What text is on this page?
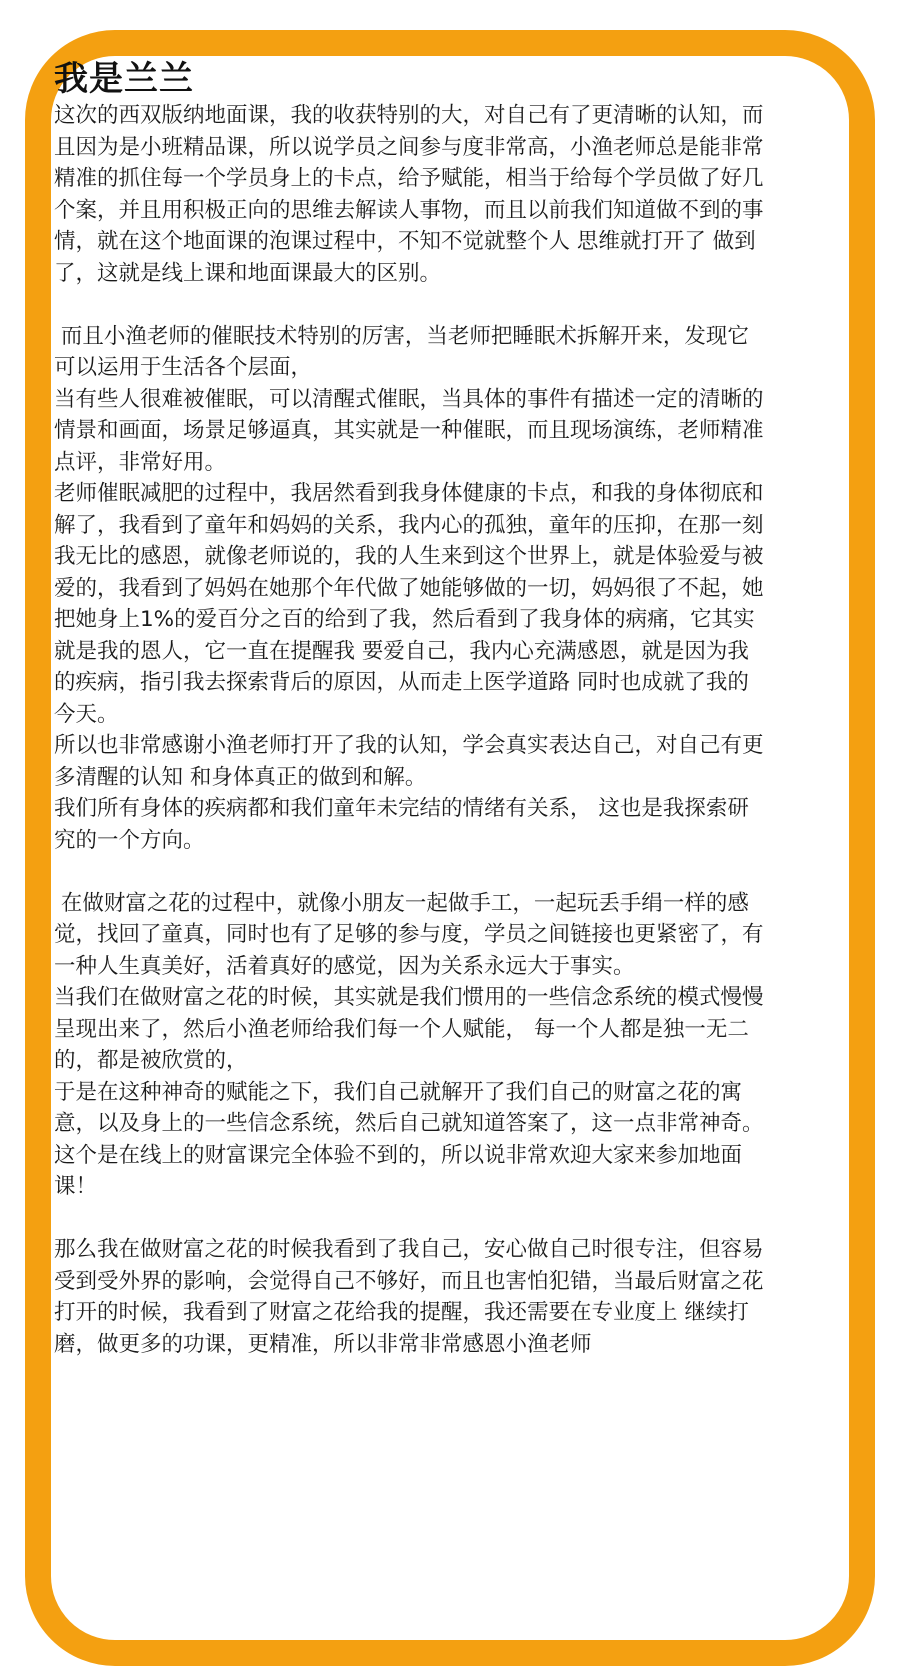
我是兰兰

这次的西双版纳地面课，我的收获特别的大，对自己有了更清晰的认知，而且因为是小班精品课，所以说学员之间参与度非常高，小渔老师总是能非常精准的抓住每一个学员身上的卡点，给予赋能，相当于给每个学员做了好几个案，并且用积极正向的思维去解读人事物，而且以前我们知道做不到的事情，就在这个地面课的泡课过程中，不知不觉就整个人 思维就打开了 做到了，这就是线上课和地面课最大的区别。

而且小渔老师的催眠技术特别的厉害，当老师把睡眠术拆解开来，发现它可以运用于生活各个层面，

当有些人很难被催眠，可以清醒式催眠，当具体的事件有描述一定的清晰的情景和画面，场景足够逼真，其实就是一种催眠，而且现场演练，老师精准点评，非常好用。

老师催眠减肥的过程中，我居然看到我身体健康的卡点，和我的身体彻底和解了，我看到了童年和妈妈的关系，我内心的孤独，童年的压抑，在那一刻我无比的感恩，就像老师说的，我的人生来到这个世界上，就是体验爱与被爱的，我看到了妈妈在她那个年代做了她能够做的一切，妈妈很了不起，她把她身上1%的爱百分之百的给到了我，然后看到了我身体的病痛，它其实就是我的恩人，它一直在提醒我 要爱自己，我内心充满感恩，就是因为我的疾病，指引我去探索背后的原因，从而走上医学道路 同时也成就了我的今天。

所以也非常感谢小渔老师打开了我的认知，学会真实表达自己，对自己有更多清醒的认知 和身体真正的做到和解。

我们所有身体的疾病都和我们童年未完结的情绪有关系， 这也是我探索研究的一个方向。

在做财富之花的过程中，就像小朋友一起做手工，一起玩丢手绢一样的感觉，找回了童真，同时也有了足够的参与度，学员之间链接也更紧密了，有一种人生真美好，活着真好的感觉，因为关系永远大于事实。

当我们在做财富之花的时候，其实就是我们惯用的一些信念系统的模式慢慢呈现出来了，然后小渔老师给我们每一个人赋能， 每一个人都是独一无二的，都是被欣赏的，

于是在这种神奇的赋能之下，我们自己就解开了我们自己的财富之花的寓意，以及身上的一些信念系统，然后自己就知道答案了，这一点非常神奇。

这个是在线上的财富课完全体验不到的，所以说非常欢迎大家来参加地面课！

那么我在做财富之花的时候我看到了我自己，安心做自己时很专注，但容易受到受外界的影响，会觉得自己不够好，而且也害怕犯错，当最后财富之花打开的时候，我看到了财富之花给我的提醒，我还需要在专业度上 继续打磨，做更多的功课，更精准，所以非常非常感恩小渔老师
